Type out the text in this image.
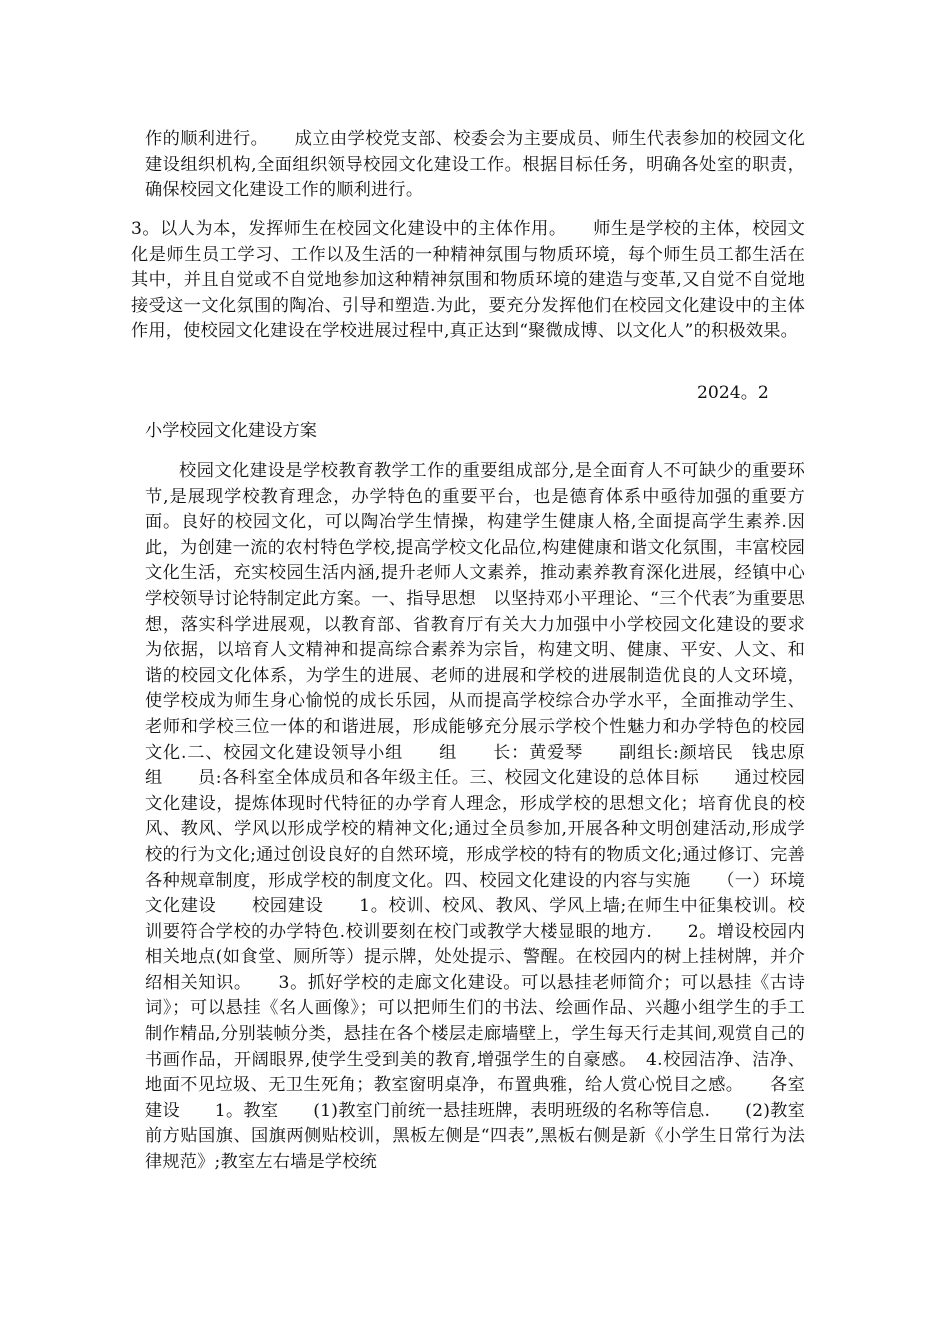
作的顺利进行。　　成立由学校党支部、校委会为主要成员、师生代表参加的校园文化建设组织机构,全面组织领导校园文化建设工作。根据目标任务，明确各处室的职责，确保校园文化建设工作的顺利进行。
3。以人为本，发挥师生在校园文化建设中的主体作用。　　师生是学校的主体，校园文化是师生员工学习、工作以及生活的一种精神氛围与物质环境，每个师生员工都生活在其中，并且自觉或不自觉地参加这种精神氛围和物质环境的建造与变革,又自觉不自觉地接受这一文化氛围的陶冶、引导和塑造.为此，要充分发挥他们在校园文化建设中的主体作用，使校园文化建设在学校进展过程中,真正达到“聚微成博、以文化人”的积极效果。
2024。2
小学校园文化建设方案
校园文化建设是学校教育教学工作的重要组成部分,是全面育人不可缺少的重要环节,是展现学校教育理念，办学特色的重要平台，也是德育体系中亟待加强的重要方面。良好的校园文化，可以陶冶学生情操，构建学生健康人格,全面提高学生素养.因此，为创建一流的农村特色学校,提高学校文化品位,构建健康和谐文化氛围，丰富校园文化生活，充实校园生活内涵,提升老师人文素养，推动素养教育深化进展，经镇中心学校领导讨论特制定此方案。一、指导思想　以坚持邓小平理论、“三个代表″为重要思想，落实科学进展观，以教育部、省教育厅有关大力加强中小学校园文化建设的要求为依据，以培育人文精神和提高综合素养为宗旨，构建文明、健康、平安、人文、和谐的校园文化体系，为学生的进展、老师的进展和学校的进展制造优良的人文环境，使学校成为师生身心愉悦的成长乐园，从而提高学校综合办学水平，全面推动学生、老师和学校三位一体的和谐进展，形成能够充分展示学校个性魅力和办学特色的校园文化.二、校园文化建设领导小组　　组　　长：黄爱琴　　副组长:颜培民　钱忠原　　组　　员:各科室全体成员和各年级主任。三、校园文化建设的总体目标　　通过校园文化建设，提炼体现时代特征的办学育人理念，形成学校的思想文化；培育优良的校风、教风、学风以形成学校的精神文化;通过全员参加,开展各种文明创建活动,形成学校的行为文化;通过创设良好的自然环境，形成学校的特有的物质文化;通过修订、完善各种规章制度，形成学校的制度文化。四、校园文化建设的内容与实施　　（一）环境文化建设　　校园建设　　1。校训、校风、教风、学风上墙;在师生中征集校训。校训要符合学校的办学特色.校训要刻在校门或教学大楼显眼的地方.　　2。增设校园内相关地点(如食堂、厕所等）提示牌，处处提示、警醒。在校园内的树上挂树牌，并介绍相关知识。　　3。抓好学校的走廊文化建设。可以悬挂老师简介；可以悬挂《古诗词》；可以悬挂《名人画像》；可以把师生们的书法、绘画作品、兴趣小组学生的手工制作精品,分别装帧分类，悬挂在各个楼层走廊墙壁上，学生每天行走其间,观赏自己的书画作品，开阔眼界,使学生受到美的教育,增强学生的自豪感。　4.校园洁净、洁净、地面不见垃圾、无卫生死角；教室窗明桌净，布置典雅，给人赏心悦目之感。　　各室建设　　1。教室　　(1)教室门前统一悬挂班牌，表明班级的名称等信息.　　(2)教室前方贴国旗、国旗两侧贴校训，黑板左侧是“四表”,黑板右侧是新《小学生日常行为法律规范》;教室左右墙是学校统
